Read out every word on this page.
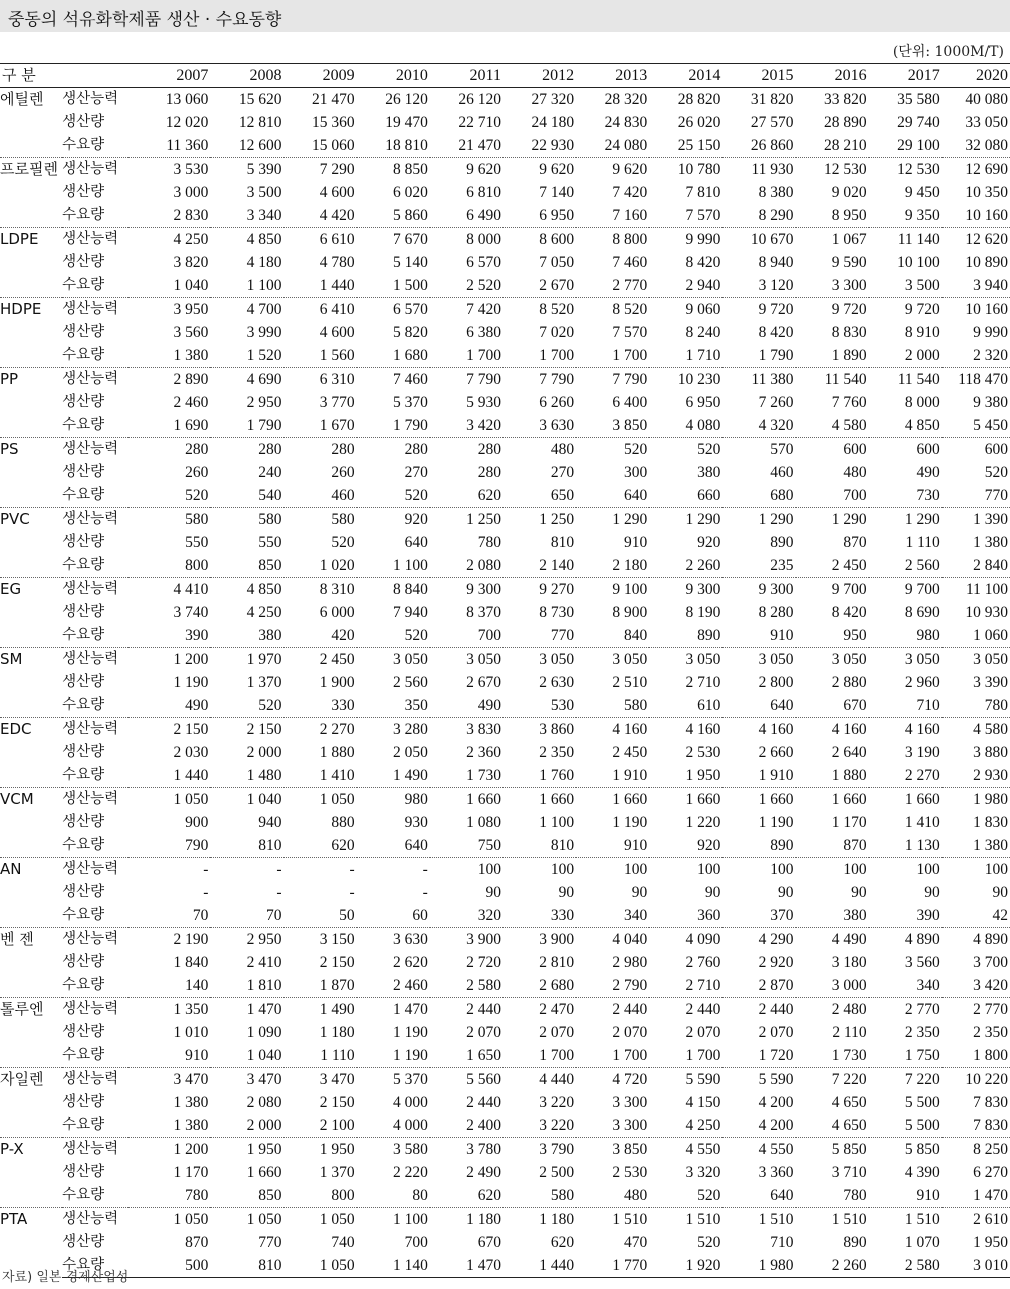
중동의 석유화학제품 생산 · 수요동향
(단위: 1000M/T)
구 분		2007	2008	2009	2010	2011	2012	2013	2014	2015	2016	2017	2020
에틸렌	생산능력	13 060	15 620	21 470	26 120	26 120	27 320	28 320	28 820	31 820	33 820	35 580	40 080
	생산량	12 020	12 810	15 360	19 470	22 710	24 180	24 830	26 020	27 570	28 890	29 740	33 050
	수요량	11 360	12 600	15 060	18 810	21 470	22 930	24 080	25 150	26 860	28 210	29 100	32 080
프로필렌	생산능력	3 530	5 390	7 290	8 850	9 620	9 620	9 620	10 780	11 930	12 530	12 530	12 690
	생산량	3 000	3 500	4 600	6 020	6 810	7 140	7 420	7 810	8 380	9 020	9 450	10 350
	수요량	2 830	3 340	4 420	5 860	6 490	6 950	7 160	7 570	8 290	8 950	9 350	10 160
LDPE	생산능력	4 250	4 850	6 610	7 670	8 000	8 600	8 800	9 990	10 670	1 067	11 140	12 620
	생산량	3 820	4 180	4 780	5 140	6 570	7 050	7 460	8 420	8 940	9 590	10 100	10 890
	수요량	1 040	1 100	1 440	1 500	2 520	2 670	2 770	2 940	3 120	3 300	3 500	3 940
HDPE	생산능력	3 950	4 700	6 410	6 570	7 420	8 520	8 520	9 060	9 720	9 720	9 720	10 160
	생산량	3 560	3 990	4 600	5 820	6 380	7 020	7 570	8 240	8 420	8 830	8 910	9 990
	수요량	1 380	1 520	1 560	1 680	1 700	1 700	1 700	1 710	1 790	1 890	2 000	2 320
PP	생산능력	2 890	4 690	6 310	7 460	7 790	7 790	7 790	10 230	11 380	11 540	11 540	118 470
	생산량	2 460	2 950	3 770	5 370	5 930	6 260	6 400	6 950	7 260	7 760	8 000	9 380
	수요량	1 690	1 790	1 670	1 790	3 420	3 630	3 850	4 080	4 320	4 580	4 850	5 450
PS	생산능력	280	280	280	280	280	480	520	520	570	600	600	600
	생산량	260	240	260	270	280	270	300	380	460	480	490	520
	수요량	520	540	460	520	620	650	640	660	680	700	730	770
PVC	생산능력	580	580	580	920	1 250	1 250	1 290	1 290	1 290	1 290	1 290	1 390
	생산량	550	550	520	640	780	810	910	920	890	870	1 110	1 380
	수요량	800	850	1 020	1 100	2 080	2 140	2 180	2 260	235	2 450	2 560	2 840
EG	생산능력	4 410	4 850	8 310	8 840	9 300	9 270	9 100	9 300	9 300	9 700	9 700	11 100
	생산량	3 740	4 250	6 000	7 940	8 370	8 730	8 900	8 190	8 280	8 420	8 690	10 930
	수요량	390	380	420	520	700	770	840	890	910	950	980	1 060
SM	생산능력	1 200	1 970	2 450	3 050	3 050	3 050	3 050	3 050	3 050	3 050	3 050	3 050
	생산량	1 190	1 370	1 900	2 560	2 670	2 630	2 510	2 710	2 800	2 880	2 960	3 390
	수요량	490	520	330	350	490	530	580	610	640	670	710	780
EDC	생산능력	2 150	2 150	2 270	3 280	3 830	3 860	4 160	4 160	4 160	4 160	4 160	4 580
	생산량	2 030	2 000	1 880	2 050	2 360	2 350	2 450	2 530	2 660	2 640	3 190	3 880
	수요량	1 440	1 480	1 410	1 490	1 730	1 760	1 910	1 950	1 910	1 880	2 270	2 930
VCM	생산능력	1 050	1 040	1 050	980	1 660	1 660	1 660	1 660	1 660	1 660	1 660	1 980
	생산량	900	940	880	930	1 080	1 100	1 190	1 220	1 190	1 170	1 410	1 830
	수요량	790	810	620	640	750	810	910	920	890	870	1 130	1 380
AN	생산능력	-	-	-	-	100	100	100	100	100	100	100	100
	생산량	-	-	-	-	90	90	90	90	90	90	90	90
	수요량	70	70	50	60	320	330	340	360	370	380	390	42
벤 젠	생산능력	2 190	2 950	3 150	3 630	3 900	3 900	4 040	4 090	4 290	4 490	4 890	4 890
	생산량	1 840	2 410	2 150	2 620	2 720	2 810	2 980	2 760	2 920	3 180	3 560	3 700
	수요량	140	1 810	1 870	2 460	2 580	2 680	2 790	2 710	2 870	3 000	340	3 420
톨루엔	생산능력	1 350	1 470	1 490	1 470	2 440	2 470	2 440	2 440	2 440	2 480	2 770	2 770
	생산량	1 010	1 090	1 180	1 190	2 070	2 070	2 070	2 070	2 070	2 110	2 350	2 350
	수요량	910	1 040	1 110	1 190	1 650	1 700	1 700	1 700	1 720	1 730	1 750	1 800
자일렌	생산능력	3 470	3 470	3 470	5 370	5 560	4 440	4 720	5 590	5 590	7 220	7 220	10 220
	생산량	1 380	2 080	2 150	4 000	2 440	3 220	3 300	4 150	4 200	4 650	5 500	7 830
	수요량	1 380	2 000	2 100	4 000	2 400	3 220	3 300	4 250	4 200	4 650	5 500	7 830
P-X	생산능력	1 200	1 950	1 950	3 580	3 780	3 790	3 850	4 550	4 550	5 850	5 850	8 250
	생산량	1 170	1 660	1 370	2 220	2 490	2 500	2 530	3 320	3 360	3 710	4 390	6 270
	수요량	780	850	800	80	620	580	480	520	640	780	910	1 470
PTA	생산능력	1 050	1 050	1 050	1 100	1 180	1 180	1 510	1 510	1 510	1 510	1 510	2 610
	생산량	870	770	740	700	670	620	470	520	710	890	1 070	1 950
	수요량	500	810	1 050	1 140	1 470	1 440	1 770	1 920	1 980	2 260	2 580	3 010
자료) 일본 경제산업성
